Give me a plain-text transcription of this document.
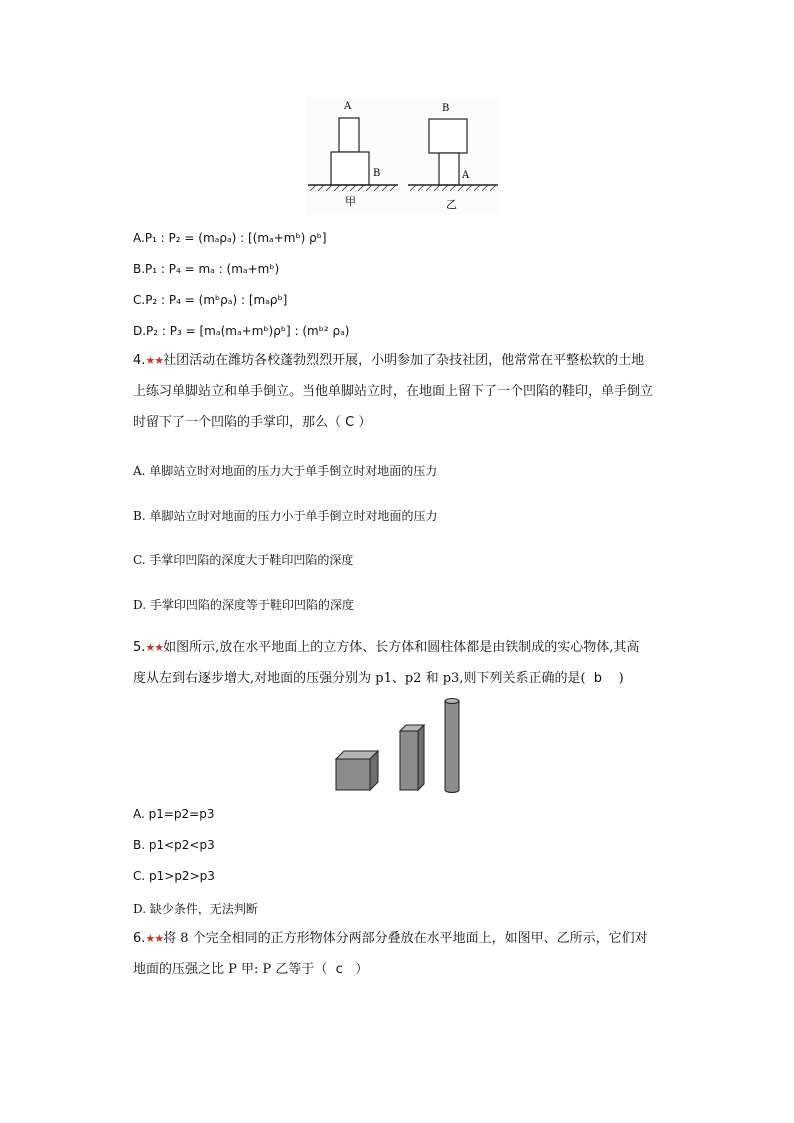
A
B
B
A
甲	乙
A.P₁ : P₂ = (mₐρₐ) : [(mₐ+mᵇ) ρᵇ]
B.P₁ : P₄ = mₐ : (mₐ+mᵇ)
C.P₂ : P₄ = (mᵇρₐ) : [mₐρᵇ]
D.P₂ : P₃ = [mₐ(mₐ+mᵇ)ρᵇ] : (mᵇ² ρₐ)
4.★★社团活动在潍坊各校蓬勃烈烈开展，小明参加了杂技社团，他常常在平整松软的土地
上练习单脚站立和单手倒立。当他单脚站立时，在地面上留下了一个凹陷的鞋印，单手倒立
时留下了一个凹陷的手掌印，那么（ C ）
A. 单脚站立时对地面的压力大于单手倒立时对地面的压力
B. 单脚站立时对地面的压力小于单手倒立时对地面的压力
C. 手掌印凹陷的深度大于鞋印凹陷的深度
D. 手掌印凹陷的深度等于鞋印凹陷的深度
5.★★如图所示,放在水平地面上的立方体、长方体和圆柱体都是由铁制成的实心物体,其高
度从左到右逐步增大,对地面的压强分别为 p1、p2 和 p3,则下列关系正确的是( b )
A. p1=p2=p3
B. p1<p2<p3
C. p1>p2>p3
D. 缺少条件，无法判断
6.★★将 8 个完全相同的正方形物体分两部分叠放在水平地面上，如图甲、乙所示，它们对
地面的压强之比 P 甲: P 乙等于（ c ）
